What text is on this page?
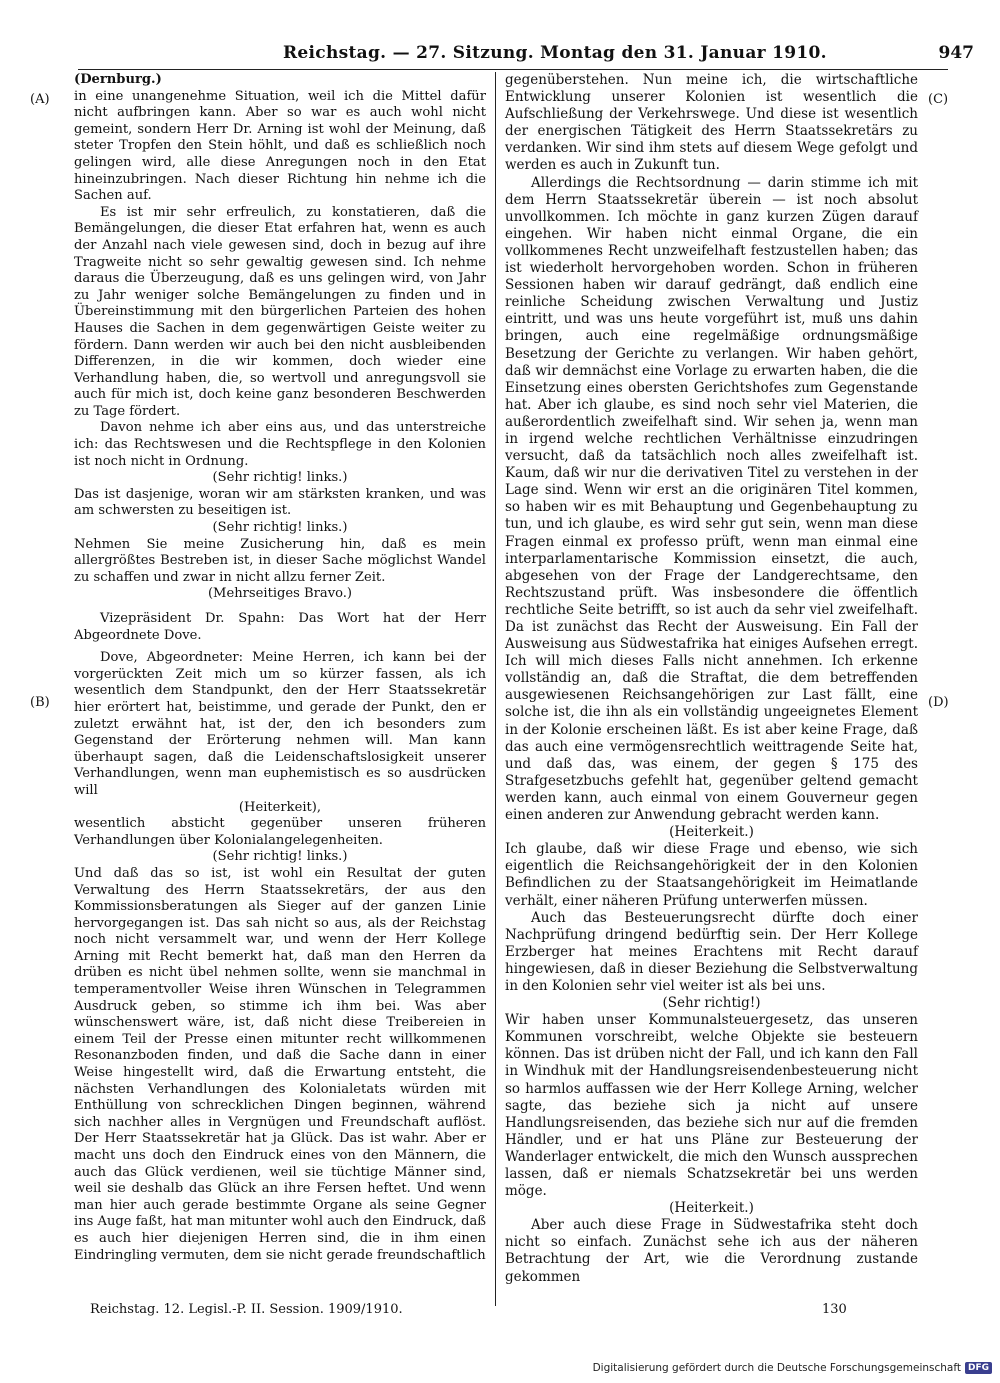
Reichstag. — 27. Sitzung. Montag den 31. Januar 1910.	947
(A)
(B)
(C)
(D)

(Dernburg.)

in eine unangenehme Situation, weil ich die Mittel dafür nicht aufbringen kann. Aber so war es auch wohl nicht gemeint, sondern Herr Dr. Arning ist wohl der Meinung, daß steter Tropfen den Stein höhlt, und daß es schließlich noch gelingen wird, alle diese Anregungen noch in den Etat hineinzubringen. Nach dieser Richtung hin nehme ich die Sachen auf.

Es ist mir sehr erfreulich, zu konstatieren, daß die Bemängelungen, die dieser Etat erfahren hat, wenn es auch der Anzahl nach viele gewesen sind, doch in bezug auf ihre Tragweite nicht so sehr gewaltig gewesen sind. Ich nehme daraus die Überzeugung, daß es uns gelingen wird, von Jahr zu Jahr weniger solche Bemängelungen zu finden und in Übereinstimmung mit den bürgerlichen Parteien des hohen Hauses die Sachen in dem gegenwärtigen Geiste weiter zu fördern. Dann werden wir auch bei den nicht ausbleibenden Differenzen, in die wir kommen, doch wieder eine Verhandlung haben, die, so wertvoll und anregungsvoll sie auch für mich ist, doch keine ganz besonderen Beschwerden zu Tage fördert.

Davon nehme ich aber eins aus, und das unterstreiche ich: das Rechtswesen und die Rechtspflege in den Kolonien ist noch nicht in Ordnung.

(Sehr richtig! links.)

Das ist dasjenige, woran wir am stärksten kranken, und was am schwersten zu beseitigen ist.

(Sehr richtig! links.)

Nehmen Sie meine Zusicherung hin, daß es mein allergrößtes Bestreben ist, in dieser Sache möglichst Wandel zu schaffen und zwar in nicht allzu ferner Zeit.

(Mehrseitiges Bravo.)

Vizepräsident Dr. Spahn: Das Wort hat der Herr Abgeordnete Dove.

Dove, Abgeordneter: Meine Herren, ich kann bei der vorgerückten Zeit mich um so kürzer fassen, als ich wesentlich dem Standpunkt, den der Herr Staatssekretär hier erörtert hat, beistimme, und gerade der Punkt, den er zuletzt erwähnt hat, ist der, den ich besonders zum Gegenstand der Erörterung nehmen will. Man kann überhaupt sagen, daß die Leidenschaftslosigkeit unserer Verhandlungen, wenn man euphemistisch es so ausdrücken will

(Heiterkeit),

wesentlich absticht gegenüber unseren früheren Verhandlungen über Kolonialangelegenheiten.

(Sehr richtig! links.)

Und daß das so ist, ist wohl ein Resultat der guten Verwaltung des Herrn Staatssekretärs, der aus den Kommissionsberatungen als Sieger auf der ganzen Linie hervorgegangen ist. Das sah nicht so aus, als der Reichstag noch nicht versammelt war, und wenn der Herr Kollege Arning mit Recht bemerkt hat, daß man den Herren da drüben es nicht übel nehmen sollte, wenn sie manchmal in temperamentvoller Weise ihren Wünschen in Telegrammen Ausdruck geben, so stimme ich ihm bei. Was aber wünschenswert wäre, ist, daß nicht diese Treibereien in einem Teil der Presse einen mitunter recht willkommenen Resonanzboden finden, und daß die Sache dann in einer Weise hingestellt wird, daß die Erwartung entsteht, die nächsten Verhandlungen des Kolonialetats würden mit Enthüllung von schrecklichen Dingen beginnen, während sich nachher alles in Vergnügen und Freundschaft auflöst. Der Herr Staatssekretär hat ja Glück. Das ist wahr. Aber er macht uns doch den Eindruck eines von den Männern, die auch das Glück verdienen, weil sie tüchtige Männer sind, weil sie deshalb das Glück an ihre Fersen heftet. Und wenn man hier auch gerade bestimmte Organe als seine Gegner ins Auge faßt, hat man mitunter wohl auch den Eindruck, daß es auch hier diejenigen Herren sind, die in ihm einen Eindringling vermuten, dem sie nicht gerade freundschaftlich

gegenüberstehen. Nun meine ich, die wirtschaftliche Entwicklung unserer Kolonien ist wesentlich die Aufschließung der Verkehrswege. Und diese ist wesentlich der energischen Tätigkeit des Herrn Staatssekretärs zu verdanken. Wir sind ihm stets auf diesem Wege gefolgt und werden es auch in Zukunft tun.

Allerdings die Rechtsordnung — darin stimme ich mit dem Herrn Staatssekretär überein — ist noch absolut unvollkommen. Ich möchte in ganz kurzen Zügen darauf eingehen. Wir haben nicht einmal Organe, die ein vollkommenes Recht unzweifelhaft festzustellen haben; das ist wiederholt hervorgehoben worden. Schon in früheren Sessionen haben wir darauf gedrängt, daß endlich eine reinliche Scheidung zwischen Verwaltung und Justiz eintritt, und was uns heute vorgeführt ist, muß uns dahin bringen, auch eine regelmäßige ordnungsmäßige Besetzung der Gerichte zu verlangen. Wir haben gehört, daß wir demnächst eine Vorlage zu erwarten haben, die die Einsetzung eines obersten Gerichtshofes zum Gegenstande hat. Aber ich glaube, es sind noch sehr viel Materien, die außerordentlich zweifelhaft sind. Wir sehen ja, wenn man in irgend welche rechtlichen Verhältnisse einzudringen versucht, daß da tatsächlich noch alles zweifelhaft ist. Kaum, daß wir nur die derivativen Titel zu verstehen in der Lage sind. Wenn wir erst an die originären Titel kommen, so haben wir es mit Behauptung und Gegenbehauptung zu tun, und ich glaube, es wird sehr gut sein, wenn man diese Fragen einmal ex professo prüft, wenn man einmal eine interparlamentarische Kommission einsetzt, die auch, abgesehen von der Frage der Landgerechtsame, den Rechtszustand prüft. Was insbesondere die öffentlich rechtliche Seite betrifft, so ist auch da sehr viel zweifelhaft. Da ist zunächst das Recht der Ausweisung. Ein Fall der Ausweisung aus Südwestafrika hat einiges Aufsehen erregt. Ich will mich dieses Falls nicht annehmen. Ich erkenne vollständig an, daß die Straftat, die dem betreffenden ausgewiesenen Reichsangehörigen zur Last fällt, eine solche ist, die ihn als ein vollständig ungeeignetes Element in der Kolonie erscheinen läßt. Es ist aber keine Frage, daß das auch eine vermögensrechtlich weittragende Seite hat, und daß das, was einem, der gegen § 175 des Strafgesetzbuchs gefehlt hat, gegenüber geltend gemacht werden kann, auch einmal von einem Gouverneur gegen einen anderen zur Anwendung gebracht werden kann.

(Heiterkeit.)

Ich glaube, daß wir diese Frage und ebenso, wie sich eigentlich die Reichsangehörigkeit der in den Kolonien Befindlichen zu der Staatsangehörigkeit im Heimatlande verhält, einer näheren Prüfung unterwerfen müssen.

Auch das Besteuerungsrecht dürfte doch einer Nachprüfung dringend bedürftig sein. Der Herr Kollege Erzberger hat meines Erachtens mit Recht darauf hingewiesen, daß in dieser Beziehung die Selbstverwaltung in den Kolonien sehr viel weiter ist als bei uns.

(Sehr richtig!)

Wir haben unser Kommunalsteuergesetz, das unseren Kommunen vorschreibt, welche Objekte sie besteuern können. Das ist drüben nicht der Fall, und ich kann den Fall in Windhuk mit der Handlungsreisendenbesteuerung nicht so harmlos auffassen wie der Herr Kollege Arning, welcher sagte, das beziehe sich ja nicht auf unsere Handlungsreisenden, das beziehe sich nur auf die fremden Händler, und er hat uns Pläne zur Besteuerung der Wanderlager entwickelt, die mich den Wunsch aussprechen lassen, daß er niemals Schatzsekretär bei uns werden möge.

(Heiterkeit.)

Aber auch diese Frage in Südwestafrika steht doch nicht so einfach. Zunächst sehe ich aus der näheren Betrachtung der Art, wie die Verordnung zustande gekommen

Reichstag. 12. Legisl.-P. II. Session. 1909/1910.	130
Digitalisierung gefördert durch die Deutsche Forschungsgemeinschaft DFG
